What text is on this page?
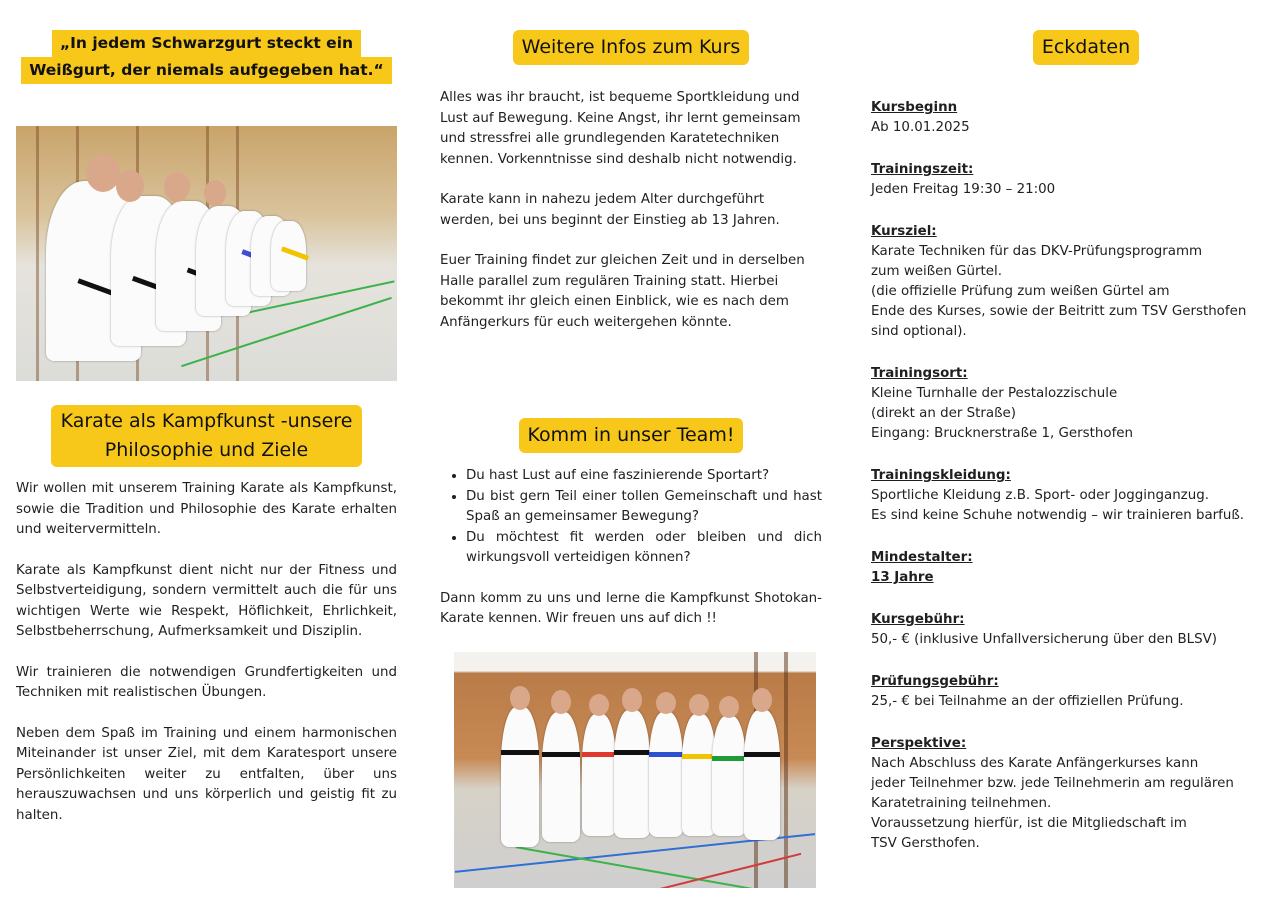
„In jedem Schwarzgurt steckt ein
Weißgurt, der niemals aufgegeben hat.“
Karate als Kampfkunst -unsere
Philosophie und Ziele

Wir wollen mit unserem Training Karate als Kampfkunst, sowie die Tradition und Philosophie des Karate erhalten und weitervermitteln.

Karate als Kampfkunst dient nicht nur der Fitness und Selbstverteidigung, sondern vermittelt auch die für uns wichtigen Werte wie Respekt, Höflichkeit, Ehrlichkeit, Selbstbeherrschung, Aufmerksamkeit und Disziplin.

Wir trainieren die notwendigen Grundfertigkeiten und Techniken mit realistischen Übungen.

Neben dem Spaß im Training und einem harmonischen Miteinander ist unser Ziel, mit dem Karatesport unsere Persönlichkeiten weiter zu entfalten, über uns herauszuwachsen und uns körperlich und geistig fit zu halten.

Weitere Infos zum Kurs

Alles was ihr braucht, ist bequeme Sportkleidung und Lust auf Bewegung. Keine Angst, ihr lernt gemeinsam und stressfrei alle grundlegenden Karatetechniken kennen. Vorkenntnisse sind deshalb nicht notwendig.

Karate kann in nahezu jedem Alter durchgeführt werden, bei uns beginnt der Einstieg ab 13 Jahren.

Euer Training findet zur gleichen Zeit und in derselben Halle parallel zum regulären Training statt. Hierbei bekommt ihr gleich einen Einblick, wie es nach dem Anfängerkurs für euch weitergehen könnte.

Komm in unser Team!
• Du hast Lust auf eine faszinierende Sportart?
• Du bist gern Teil einer tollen Gemeinschaft und hast Spaß an gemeinsamer Bewegung?
• Du möchtest fit werden oder bleiben und dich wirkungsvoll verteidigen können?

Dann komm zu uns und lerne die Kampfkunst Shotokan-Karate kennen. Wir freuen uns auf dich !!

Eckdaten

Kursbeginn

Ab 10.01.2025

Trainingszeit:

Jeden Freitag 19:30 – 21:00

Kursziel:

Karate Techniken für das DKV-Prüfungsprogramm

zum weißen Gürtel.

(die offizielle Prüfung zum weißen Gürtel am

Ende des Kurses, sowie der Beitritt zum TSV Gersthofen

sind optional).

Trainingsort:

Kleine Turnhalle der Pestalozzischule

(direkt an der Straße)

Eingang: Brucknerstraße 1, Gersthofen

Trainingskleidung:

Sportliche Kleidung z.B. Sport- oder Jogginganzug.

Es sind keine Schuhe notwendig – wir trainieren barfuß.

Mindestalter:

13 Jahre

Kursgebühr:

50,- € (inklusive Unfallversicherung über den BLSV)

Prüfungsgebühr:

25,- € bei Teilnahme an der offiziellen Prüfung.

Perspektive:

Nach Abschluss des Karate Anfängerkurses kann

jeder Teilnehmer bzw. jede Teilnehmerin am regulären

Karatetraining teilnehmen.

Voraussetzung hierfür, ist die Mitgliedschaft im

TSV Gersthofen.
